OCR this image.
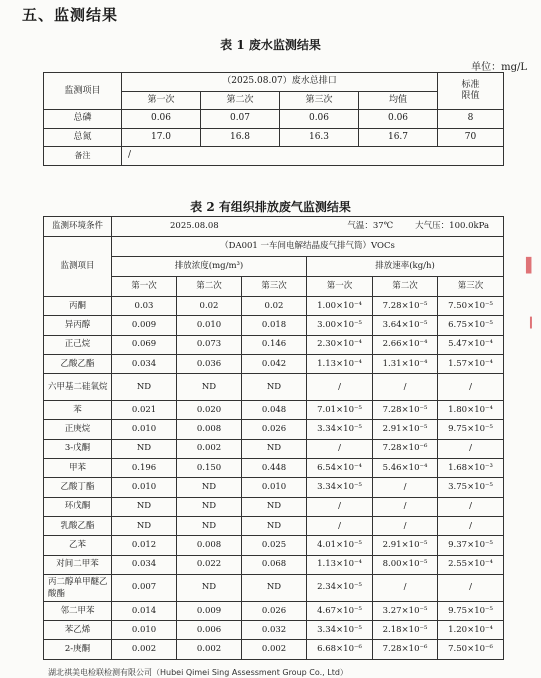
五、监测结果
表 1 废水监测结果
单位：mg/L
监测项目	（2025.08.07）废水总排口				标准
限值
	第一次	第二次	第三次	均值	
总磷	0.06	0.07	0.06	0.06	8
总氮	17.0	16.8	16.3	16.7	70
备注	/				
表 2 有组织排放废气监测结果
监测环境条件	2025.08.08 气温：37℃ 大气压：100.0kPa					

监测项目	（DA001 一车间电解结晶废气排气筒）VOCs					
	排放浓度(mg/m³)			排放速率(kg/h)		
	第一次	第二次	第三次	第一次	第二次	第三次
丙酮	0.03	0.02	0.02	1.00×10⁻⁴	7.28×10⁻⁵	7.50×10⁻⁵
异丙醇	0.009	0.010	0.018	3.00×10⁻⁵	3.64×10⁻⁵	6.75×10⁻⁵
正己烷	0.069	0.073	0.146	2.30×10⁻⁴	2.66×10⁻⁴	5.47×10⁻⁴
乙酸乙酯	0.034	0.036	0.042	1.13×10⁻⁴	1.31×10⁻⁴	1.57×10⁻⁴
六甲基二硅氧烷	ND	ND	ND	/	/	/
苯	0.021	0.020	0.048	7.01×10⁻⁵	7.28×10⁻⁵	1.80×10⁻⁴
正庚烷	0.010	0.008	0.026	3.34×10⁻⁵	2.91×10⁻⁵	9.75×10⁻⁵
3-戊酮	ND	0.002	ND	/	7.28×10⁻⁶	/
甲苯	0.196	0.150	0.448	6.54×10⁻⁴	5.46×10⁻⁴	1.68×10⁻³
乙酸丁酯	0.010	ND	0.010	3.34×10⁻⁵	/	3.75×10⁻⁵
环戊酮	ND	ND	ND	/	/	/
乳酸乙酯	ND	ND	ND	/	/	/
乙苯	0.012	0.008	0.025	4.01×10⁻⁵	2.91×10⁻⁵	9.37×10⁻⁵
对间二甲苯	0.034	0.022	0.068	1.13×10⁻⁴	8.00×10⁻⁵	2.55×10⁻⁴
丙二醇单甲醚乙酸酯	0.007	ND	ND	2.34×10⁻⁵	/	/
邻二甲苯	0.014	0.009	0.026	4.67×10⁻⁵	3.27×10⁻⁵	9.75×10⁻⁵
苯乙烯	0.010	0.006	0.032	3.34×10⁻⁵	2.18×10⁻⁵	1.20×10⁻⁴
2-庚酮	0.002	0.002	0.002	6.68×10⁻⁶	7.28×10⁻⁶	7.50×10⁻⁶
▌
▎
湖北祺美电检联检测有限公司（Hubei Qimei Sing Assessment Group Co., Ltd）
